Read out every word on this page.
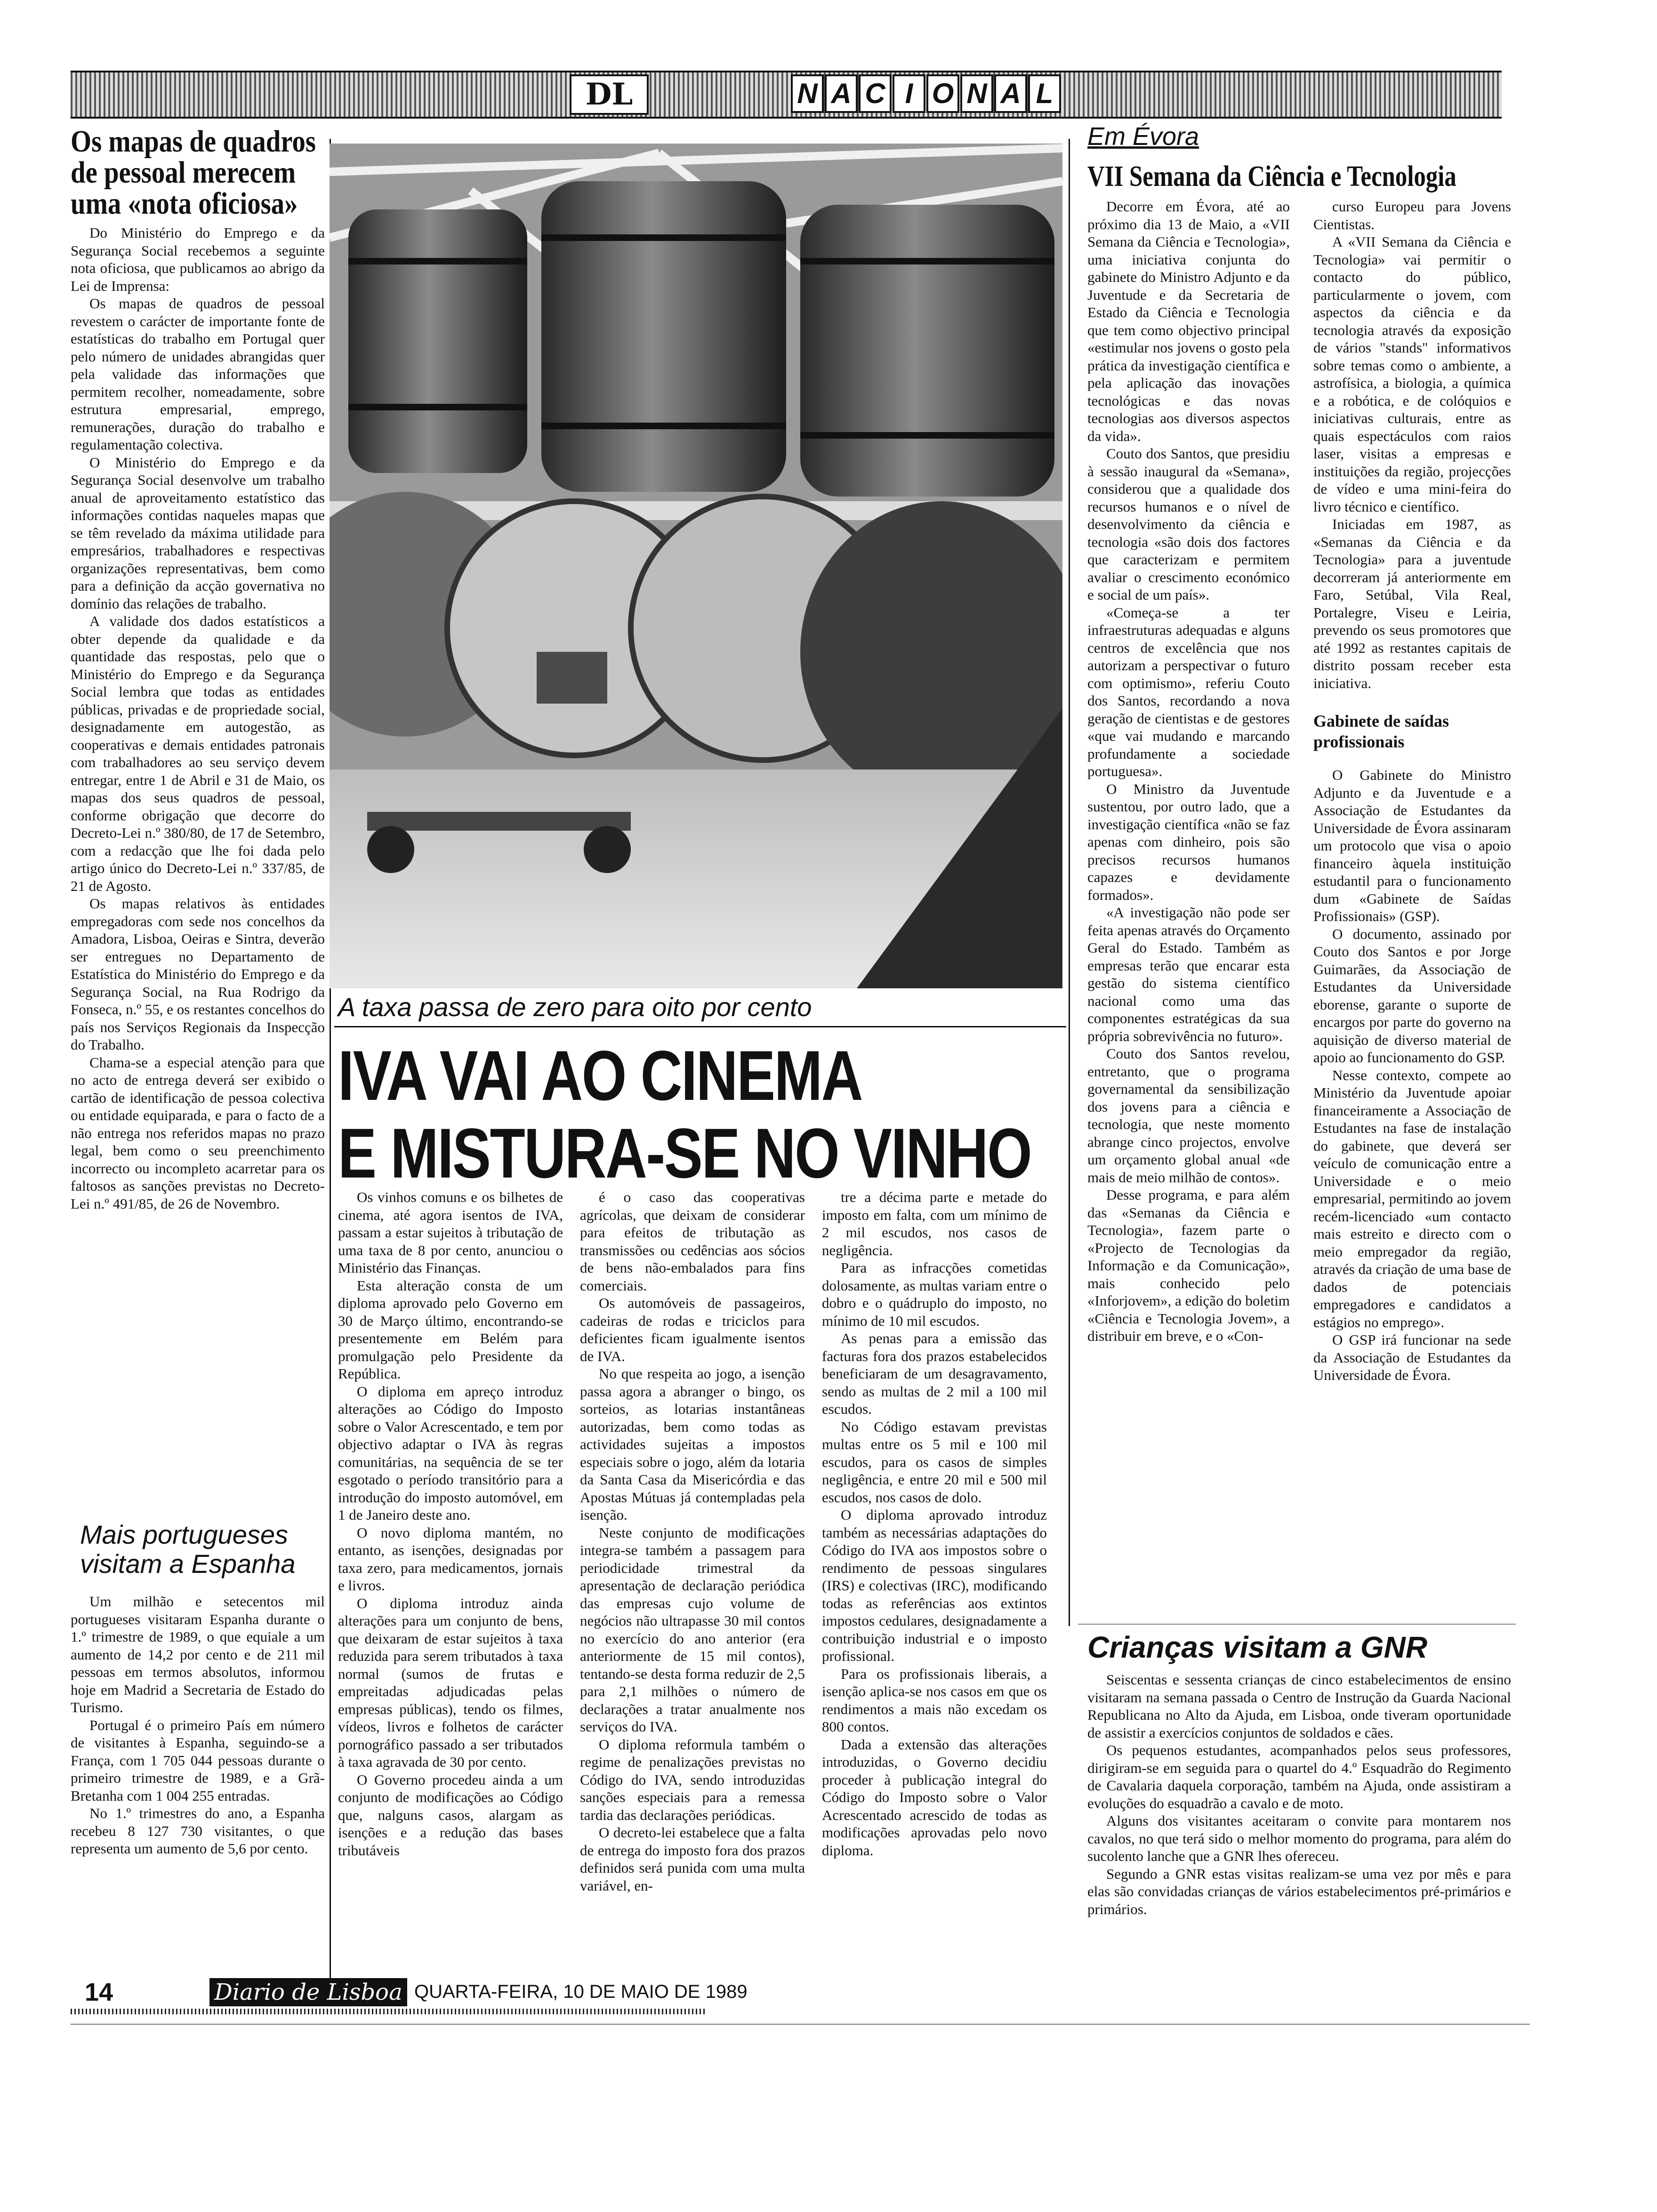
DL	N A C I O N A L
Os mapas de quadros de pessoal merecem uma «nota oficiosa»

Do Ministério do Emprego e da Segurança Social recebemos a seguinte nota oficiosa, que publicamos ao abrigo da Lei de Imprensa:

Os mapas de quadros de pessoal revestem o carácter de importante fonte de estatísticas do trabalho em Portugal quer pelo número de unidades abrangidas quer pela validade das informações que permitem recolher, nomeadamente, sobre estrutura empresarial, emprego, remunerações, duração do trabalho e regulamentação colectiva.

O Ministério do Emprego e da Segurança Social desenvolve um trabalho anual de aproveitamento estatístico das informações contidas naqueles mapas que se têm revelado da máxima utilidade para empresários, trabalhadores e respectivas organizações representativas, bem como para a definição da acção governativa no domínio das relações de trabalho.

A validade dos dados estatísticos a obter depende da qualidade e da quantidade das respostas, pelo que o Ministério do Emprego e da Segurança Social lembra que todas as entidades públicas, privadas e de propriedade social, designadamente em autogestão, as cooperativas e demais entidades patronais com trabalhadores ao seu serviço devem entregar, entre 1 de Abril e 31 de Maio, os mapas dos seus quadros de pessoal, conforme obrigação que decorre do Decreto-Lei n.º 380/80, de 17 de Setembro, com a redacção que lhe foi dada pelo artigo único do Decreto-Lei n.º 337/85, de 21 de Agosto.

Os mapas relativos às entidades empregadoras com sede nos concelhos da Amadora, Lisboa, Oeiras e Sintra, deverão ser entregues no Departamento de Estatística do Ministério do Emprego e da Segurança Social, na Rua Rodrigo da Fonseca, n.º 55, e os restantes concelhos do país nos Serviços Regionais da Inspecção do Trabalho.

Chama-se a especial atenção para que no acto de entrega deverá ser exibido o cartão de identificação de pessoa colectiva ou entidade equiparada, e para o facto de a não entrega nos referidos mapas no prazo legal, bem como o seu preenchimento incorrecto ou incompleto acarretar para os faltosos as sanções previstas no Decreto-Lei n.º 491/85, de 26 de Novembro.

Mais portugueses visitam a Espanha

Um milhão e setecentos mil portugueses visitaram Espanha durante o 1.º trimestre de 1989, o que equiale a um aumento de 14,2 por cento e de 211 mil pessoas em termos absolutos, informou hoje em Madrid a Secretaria de Estado do Turismo.

Portugal é o primeiro País em número de visitantes à Espanha, seguindo-se a França, com 1 705 044 pessoas durante o primeiro trimestre de 1989, e a Grã-Bretanha com 1 004 255 entradas.

No 1.º trimestres do ano, a Espanha recebeu 8 127 730 visitantes, o que representa um aumento de 5,6 por cento.

A taxa passa de zero para oito por cento
IVA VAI AO CINEMA
E MISTURA-SE NO VINHO

Os vinhos comuns e os bilhetes de cinema, até agora isentos de IVA, passam a estar sujeitos à tributação de uma taxa de 8 por cento, anunciou o Ministério das Finanças.

Esta alteração consta de um diploma aprovado pelo Governo em 30 de Março último, encontrando-se presentemente em Belém para promulgação pelo Presidente da República.

O diploma em apreço introduz alterações ao Código do Imposto sobre o Valor Acrescentado, e tem por objectivo adaptar o IVA às regras comunitárias, na sequência de se ter esgotado o período transitório para a introdução do imposto automóvel, em 1 de Janeiro deste ano.

O novo diploma mantém, no entanto, as isenções, designadas por taxa zero, para medicamentos, jornais e livros.

O diploma introduz ainda alterações para um conjunto de bens, que deixaram de estar sujeitos à taxa reduzida para serem tributados à taxa normal (sumos de frutas e empreitadas adjudicadas pelas empresas públicas), tendo os filmes, vídeos, livros e folhetos de carácter pornográfico passado a ser tributados à taxa agravada de 30 por cento.

O Governo procedeu ainda a um conjunto de modificações ao Código que, nalguns casos, alargam as isenções e a redução das bases tributáveis

é o caso das cooperativas agrícolas, que deixam de considerar para efeitos de tributação as transmissões ou cedências aos sócios de bens não-embalados para fins comerciais.

Os automóveis de passageiros, cadeiras de rodas e triciclos para deficientes ficam igualmente isentos de IVA.

No que respeita ao jogo, a isenção passa agora a abranger o bingo, os sorteios, as lotarias instantâneas autorizadas, bem como todas as actividades sujeitas a impostos especiais sobre o jogo, além da lotaria da Santa Casa da Misericórdia e das Apostas Mútuas já contempladas pela isenção.

Neste conjunto de modificações integra-se também a passagem para periodicidade trimestral da apresentação de declaração periódica das empresas cujo volume de negócios não ultrapasse 30 mil contos no exercício do ano anterior (era anteriormente de 15 mil contos), tentando-se desta forma reduzir de 2,5 para 2,1 milhões o número de declarações a tratar anualmente nos serviços do IVA.

O diploma reformula também o regime de penalizações previstas no Código do IVA, sendo introduzidas sanções especiais para a remessa tardia das declarações periódicas.

O decreto-lei estabelece que a falta de entrega do imposto fora dos prazos definidos será punida com uma multa variável, en-

tre a décima parte e metade do imposto em falta, com um mínimo de 2 mil escudos, nos casos de negligência.

Para as infracções cometidas dolosamente, as multas variam entre o dobro e o quádruplo do imposto, no mínimo de 10 mil escudos.

As penas para a emissão das facturas fora dos prazos estabelecidos beneficiaram de um desagravamento, sendo as multas de 2 mil a 100 mil escudos.

No Código estavam previstas multas entre os 5 mil e 100 mil escudos, para os casos de simples negligência, e entre 20 mil e 500 mil escudos, nos casos de dolo.

O diploma aprovado introduz também as necessárias adaptações do Código do IVA aos impostos sobre o rendimento de pessoas singulares (IRS) e colectivas (IRC), modificando todas as referências aos extintos impostos cedulares, designadamente a contribuição industrial e o imposto profissional.

Para os profissionais liberais, a isenção aplica-se nos casos em que os rendimentos a mais não excedam os 800 contos.

Dada a extensão das alterações introduzidas, o Governo decidiu proceder à publicação integral do Código do Imposto sobre o Valor Acrescentado acrescido de todas as modificações aprovadas pelo novo diploma.

Em Évora
VII Semana da Ciência e Tecnologia

Decorre em Évora, até ao próximo dia 13 de Maio, a «VII Semana da Ciência e Tecnologia», uma iniciativa conjunta do gabinete do Ministro Adjunto e da Juventude e da Secretaria de Estado da Ciência e Tecnologia que tem como objectivo principal «estimular nos jovens o gosto pela prática da investigação científica e pela aplicação das inovações tecnológicas e das novas tecnologias aos diversos aspectos da vida».

Couto dos Santos, que presidiu à sessão inaugural da «Semana», considerou que a qualidade dos recursos humanos e o nível de desenvolvimento da ciência e tecnologia «são dois dos factores que caracterizam e permitem avaliar o crescimento económico e social de um país».

«Começa-se a ter infraestruturas adequadas e alguns centros de excelência que nos autorizam a perspectivar o futuro com optimismo», referiu Couto dos Santos, recordando a nova geração de cientistas e de gestores «que vai mudando e marcando profundamente a sociedade portuguesa».

O Ministro da Juventude sustentou, por outro lado, que a investigação científica «não se faz apenas com dinheiro, pois são precisos recursos humanos capazes e devidamente formados».

«A investigação não pode ser feita apenas através do Orçamento Geral do Estado. Também as empresas terão que encarar esta gestão do sistema científico nacional como uma das componentes estratégicas da sua própria sobrevivência no futuro».

Couto dos Santos revelou, entretanto, que o programa governamental da sensibilização dos jovens para a ciência e tecnologia, que neste momento abrange cinco projectos, envolve um orçamento global anual «de mais de meio milhão de contos».

Desse programa, e para além das «Semanas da Ciência e Tecnologia», fazem parte o «Projecto de Tecnologias da Informação e da Comunicação», mais conhecido pelo «Inforjovem», a edição do boletim «Ciência e Tecnologia Jovem», a distribuir em breve, e o «Con-

curso Europeu para Jovens Cientistas.

A «VII Semana da Ciência e Tecnologia» vai permitir o contacto do público, particularmente o jovem, com aspectos da ciência e da tecnologia através da exposição de vários "stands" informativos sobre temas como o ambiente, a astrofísica, a biologia, a química e a robótica, e de colóquios e iniciativas culturais, entre as quais espectáculos com raios laser, visitas a empresas e instituições da região, projecções de vídeo e uma mini-feira do livro técnico e científico.

Iniciadas em 1987, as «Semanas da Ciência e da Tecnologia» para a juventude decorreram já anteriormente em Faro, Setúbal, Vila Real, Portalegre, Viseu e Leiria, prevendo os seus promotores que até 1992 as restantes capitais de distrito possam receber esta iniciativa.

Gabinete de saídas profissionais

O Gabinete do Ministro Adjunto e da Juventude e a Associação de Estudantes da Universidade de Évora assinaram um protocolo que visa o apoio financeiro àquela instituição estudantil para o funcionamento dum «Gabinete de Saídas Profissionais» (GSP).

O documento, assinado por Couto dos Santos e por Jorge Guimarães, da Associação de Estudantes da Universidade eborense, garante o suporte de encargos por parte do governo na aquisição de diverso material de apoio ao funcionamento do GSP.

Nesse contexto, compete ao Ministério da Juventude apoiar financeiramente a Associação de Estudantes na fase de instalação do gabinete, que deverá ser veículo de comunicação entre a Universidade e o meio empresarial, permitindo ao jovem recém-licenciado «um contacto mais estreito e directo com o meio empregador da região, através da criação de uma base de dados de potenciais empregadores e candidatos a estágios no emprego».

O GSP irá funcionar na sede da Associação de Estudantes da Universidade de Évora.

Crianças visitam a GNR

Seiscentas e sessenta crianças de cinco estabelecimentos de ensino visitaram na semana passada o Centro de Instrução da Guarda Nacional Republicana no Alto da Ajuda, em Lisboa, onde tiveram oportunidade de assistir a exercícios conjuntos de soldados e cães.

Os pequenos estudantes, acompanhados pelos seus professores, dirigiram-se em seguida para o quartel do 4.º Esquadrão do Regimento de Cavalaria daquela corporação, também na Ajuda, onde assistiram a evoluções do esquadrão a cavalo e de moto.

Alguns dos visitantes aceitaram o convite para montarem nos cavalos, no que terá sido o melhor momento do programa, para além do sucolento lanche que a GNR lhes ofereceu.

Segundo a GNR estas visitas realizam-se uma vez por mês e para elas são convidadas crianças de vários estabelecimentos pré-primários e primários.

14	Diario de Lisboa QUARTA-FEIRA, 10 DE MAIO DE 1989
